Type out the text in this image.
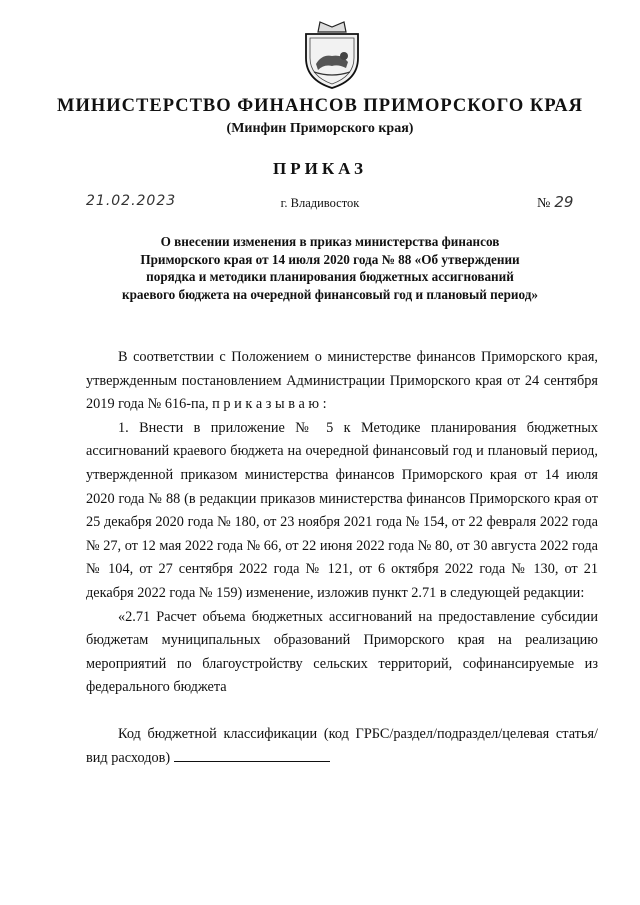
МИНИСТЕРСТВО ФИНАНСОВ ПРИМОРСКОГО КРАЯ
(Минфин Приморского края)
ПРИКАЗ
21.02.2023	г. Владивосток	№ 29
О внесении изменения в приказ министерства финансов Приморского края от 14 июля 2020 года № 88 «Об утверждении порядка и методики планирования бюджетных ассигнований краевого бюджета на очередной финансовый год и плановый период»

В соответствии с Положением о министерстве финансов Приморского края, утвержденным постановлением Администрации Приморского края от 24 сентября 2019 года № 616-па, п р и к а з ы в а ю :

1. Внести в приложение № 5 к Методике планирования бюджетных ассигнований краевого бюджета на очередной финансовый год и плановый период, утвержденной приказом министерства финансов Приморского края от 14 июля 2020 года № 88 (в редакции приказов министерства финансов Приморского края от 25 декабря 2020 года № 180, от 23 ноября 2021 года № 154, от 22 февраля 2022 года № 27, от 12 мая 2022 года № 66, от 22 июня 2022 года № 80, от 30 августа 2022 года № 104, от 27 сентября 2022 года № 121, от 6 октября 2022 года № 130, от 21 декабря 2022 года № 159) изменение, изложив пункт 2.71 в следующей редакции:

«2.71 Расчет объема бюджетных ассигнований на предоставление субсидии бюджетам муниципальных образований Приморского края на реализацию мероприятий по благоустройству сельских территорий, софинансируемые из федерального бюджета

Код бюджетной классификации (код ГРБС/раздел/подраздел/целевая статья/вид расходов)
